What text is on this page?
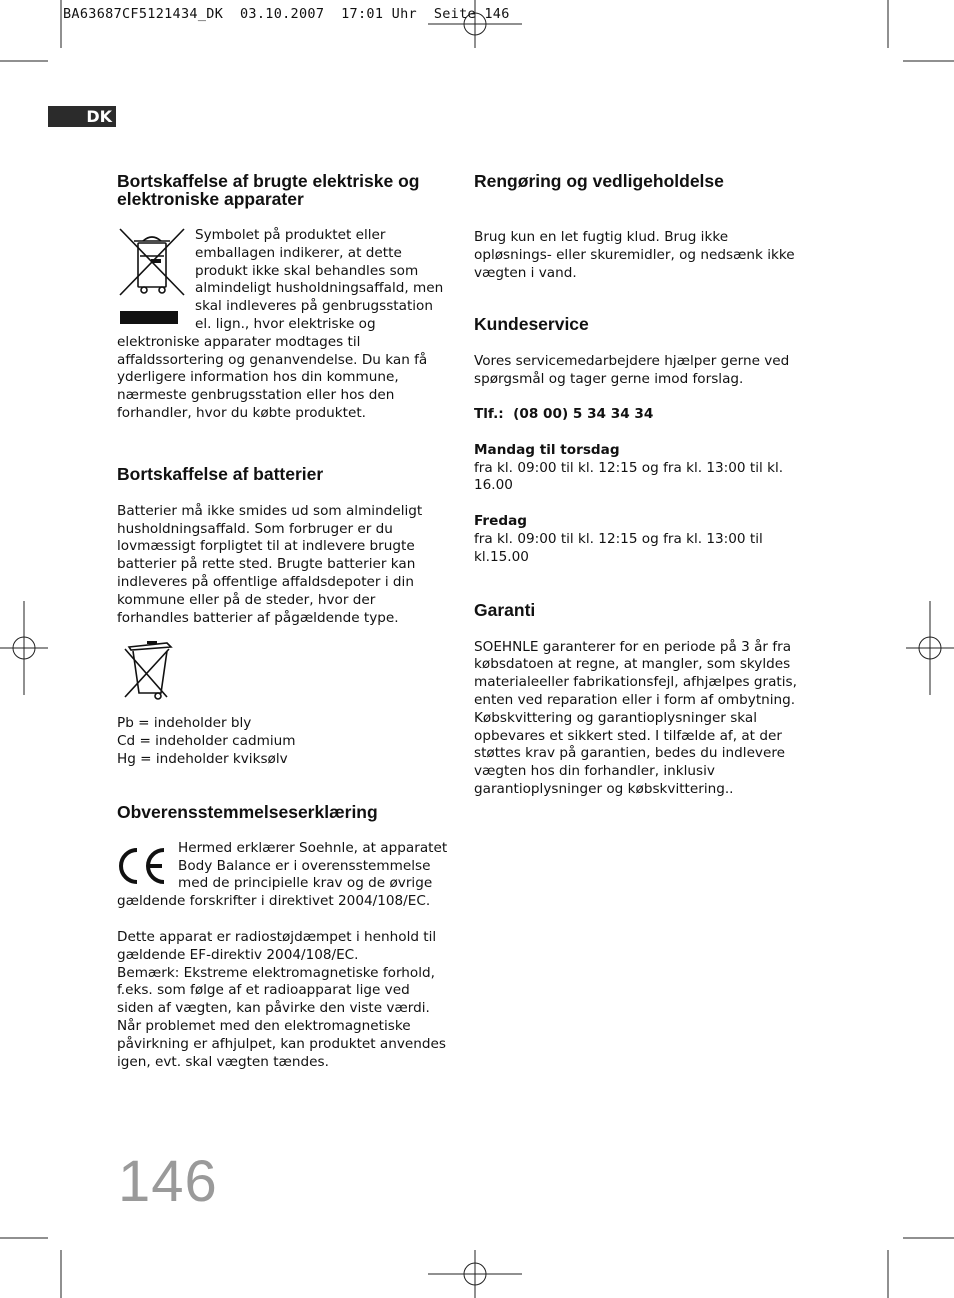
BA63687CF5121434_DK  03.10.2007  17:01 Uhr  Seite 146
DK
Bortskaffelse af brugte elektriske og elektroniske apparater

Symbolet på produktet eller emballagen indikerer, at dette produkt ikke skal behandles som almindeligt husholdningsaffald, men skal indleveres på genbrugsstation el. lign., hvor elektriske og elektroniske apparater modtages til affaldssortering og genanvendelse. Du kan få yderligere information hos din kommune, nærmeste genbrugsstation eller hos den forhandler, hvor du købte produktet.

Bortskaffelse af batterier

Batterier må ikke smides ud som almindeligt husholdningsaffald. Som forbruger er du lovmæssigt forpligtet til at indlevere brugte batterier på rette sted. Brugte batterier kan indleveres på offentlige affaldsdepoter i din kommune eller på de steder, hvor der forhandles batterier af pågældende type.

Pb = indeholder bly

Cd = indeholder cadmium

Hg = indeholder kviksølv

Obverensstemmelseserklæring

Hermed erklærer Soehnle, at apparatet Body Balance er i overensstemmelse med de principielle krav og de øvrige gældende forskrifter i direktivet 2004/108/EC.

Dette apparat er radiostøjdæmpet i henhold til gældende EF-direktiv 2004/108/EC.

Bemærk: Ekstreme elektromagnetiske forhold, f.eks. som følge af et radioapparat lige ved siden af vægten, kan påvirke den viste værdi. Når problemet med den elektromagnetiske påvirkning er afhjulpet, kan produktet anvendes igen, evt. skal vægten tændes.

Rengøring og vedligeholdelse

Brug kun en let fugtig klud. Brug ikke opløsnings- eller skuremidler, og nedsænk ikke vægten i vand.

Kundeservice

Vores servicemedarbejdere hjælper gerne ved spørgsmål og tager gerne imod forslag.

Tlf.:  (08 00) 5 34 34 34

Mandag til torsdag

fra kl. 09:00 til kl. 12:15 og fra kl. 13:00 til kl. 16.00

Fredag

fra kl. 09:00 til kl. 12:15 og fra kl. 13:00 til kl.15.00

Garanti

SOEHNLE garanterer for en periode på 3 år fra købsdatoen at regne, at mangler, som skyldes materialeeller fabrikationsfejl, afhjælpes gratis, enten ved reparation eller i form af ombytning. Købskvittering og garantioplysninger skal opbevares et sikkert sted. I tilfælde af, at der støttes krav på garantien, bedes du indlevere vægten hos din forhandler, inklusiv garantioplysninger og købskvittering..

146
